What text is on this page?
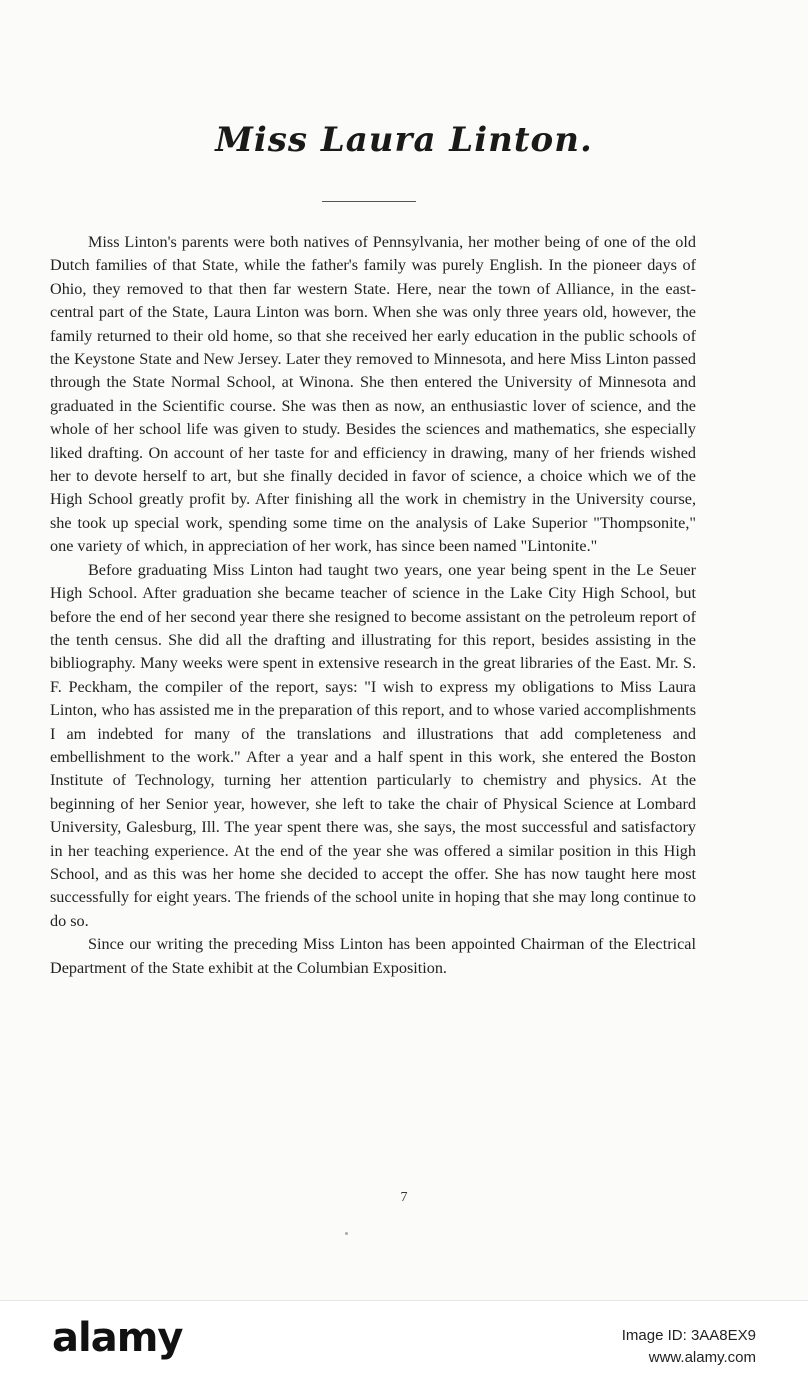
Miss Laura Linton.

Miss Linton's parents were both natives of Pennsylvania, her mother being of one of the old Dutch families of that State, while the father's family was purely English. In the pioneer days of Ohio, they removed to that then far western State. Here, near the town of Alliance, in the east-central part of the State, Laura Linton was born. When she was only three years old, however, the family returned to their old home, so that she received her early education in the public schools of the Keystone State and New Jersey. Later they removed to Minnesota, and here Miss Linton passed through the State Normal School, at Winona. She then entered the University of Minnesota and graduated in the Scientific course. She was then as now, an enthusiastic lover of science, and the whole of her school life was given to study. Besides the sciences and mathematics, she especially liked drafting. On account of her taste for and efficiency in drawing, many of her friends wished her to devote herself to art, but she finally decided in favor of science, a choice which we of the High School greatly profit by. After finishing all the work in chemistry in the University course, she took up special work, spending some time on the analysis of Lake Superior "Thompsonite," one variety of which, in appreciation of her work, has since been named "Lintonite."

Before graduating Miss Linton had taught two years, one year being spent in the Le Seuer High School. After graduation she became teacher of science in the Lake City High School, but before the end of her second year there she resigned to become assistant on the petroleum report of the tenth census. She did all the drafting and illustrating for this report, besides assisting in the bibliography. Many weeks were spent in extensive research in the great libraries of the East. Mr. S. F. Peckham, the compiler of the report, says: "I wish to express my obligations to Miss Laura Linton, who has assisted me in the preparation of this report, and to whose varied accomplishments I am indebted for many of the translations and illustrations that add completeness and embellishment to the work." After a year and a half spent in this work, she entered the Boston Institute of Technology, turning her attention particularly to chemistry and physics. At the beginning of her Senior year, however, she left to take the chair of Physical Science at Lombard University, Galesburg, Ill. The year spent there was, she says, the most successful and satisfactory in her teaching experience. At the end of the year she was offered a similar position in this High School, and as this was her home she decided to accept the offer. She has now taught here most successfully for eight years. The friends of the school unite in hoping that she may long continue to do so.

Since our writing the preceding Miss Linton has been appointed Chairman of the Electrical Department of the State exhibit at the Columbian Exposition.

7
alamy	Image ID: 3AA8EX9
www.alamy.com
